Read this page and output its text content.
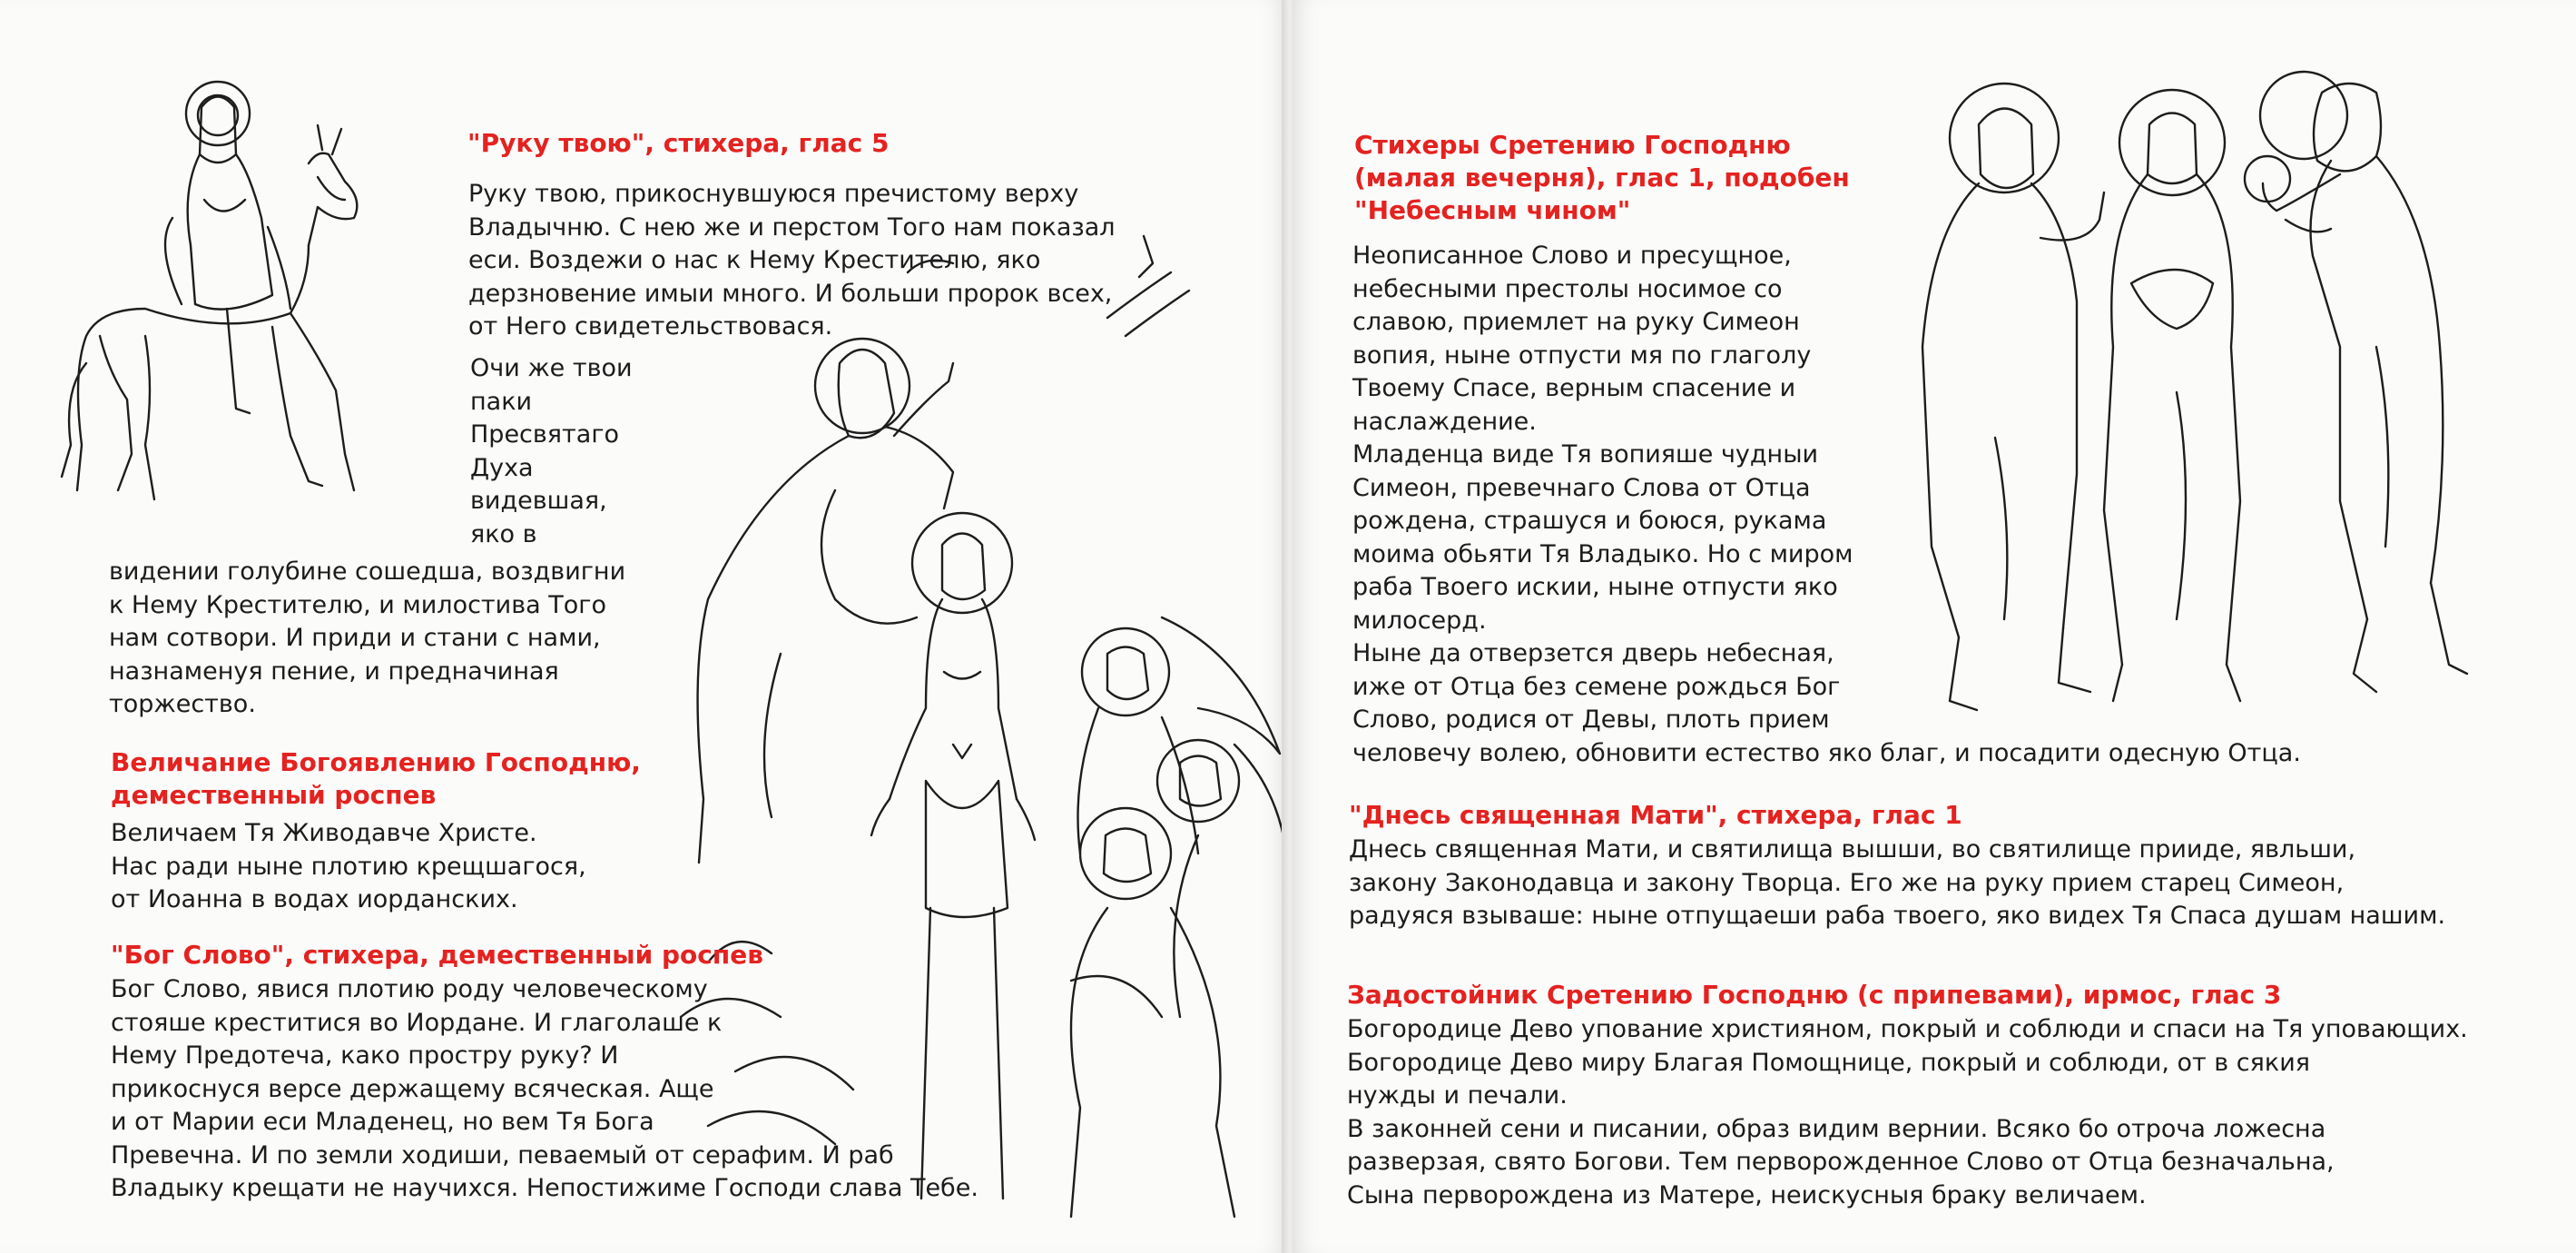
"Руку твою", стихера, глас 5
Руку твою, прикоснувшуюся пречистому верху
Владычню. С нею же и перстом Того нам показал
еси. Воздежи о нас к Нему Крестителю, яко
дерзновение имыи много. И больши пророк всех,
от Него свидетельствовася.
Очи же твои
паки
Пресвятаго
Духа
видевшая,
яко в
видении голубине сошедша, воздвигни
к Нему Крестителю, и милостива Того
нам сотвори. И приди и стани с нами,
назнаменуя пение, и предначиная
торжество.
Величание Богоявлению Господню,
демественный роспев
Величаем Тя Живодавче Христе.
Нас ради ныне плотию крещшагося,
от Иоанна в водах иорданских.
"Бог Слово", стихера, демественный роспев
Бог Слово, явися плотию роду человеческому
стояше креститися во Иордане. И глаголаше к
Нему Предотеча, како простру руку? И
прикоснуся версе держащему всяческая. Аще
и от Марии еси Младенец, но вем Тя Бога
Превечна. И по земли ходиши, певаемый от серафим. И раб
Владыку крещати не научихся. Непостижиме Господи слава Тебе.
Стихеры Сретению Господню
(малая вечерня), глас 1, подобен
"Небесным чином"
Неописанное Слово и пресущное,
небесными престолы носимое со
славою, приемлет на руку Симеон
вопия, ныне отпусти мя по глаголу
Твоему Спасе, верным спасение и
наслаждение.
Младенца виде Тя вопияше чудныи
Симеон, превечнаго Слова от Отца
рождена, страшуся и боюся, рукама
моима обьяти Тя Владыко. Но с миром
раба Твоего искии, ныне отпусти яко
милосерд.
Ныне да отверзется дверь небесная,
иже от Отца без семене рождься Бог
Слово, родися от Девы, плоть прием
человечу волею, обновити естество яко благ, и посадити одесную Отца.
"Днесь священная Мати", стихера, глас 1
Днесь священная Мати, и святилища вышши, во святилище прииде, явльши,
закону Законодавца и закону Творца. Его же на руку прием старец Симеон,
радуяся взываше: ныне отпущаеши раба твоего, яко видех Тя Спаса душам нашим.
Задостойник Сретению Господню (с припевами), ирмос, глас 3
Богородице Дево упование християном, покрый и соблюди и спаси на Тя уповающих.
Богородице Дево миру Благая Помощнице, покрый и соблюди, от в сякия
нужды и печали.
В законней сени и писании, образ видим вернии. Всяко бо отроча ложесна
разверзая, свято Богови. Тем перворожденное Слово от Отца безначальна,
Сына перворождена из Матере, неискусныя браку величаем.
